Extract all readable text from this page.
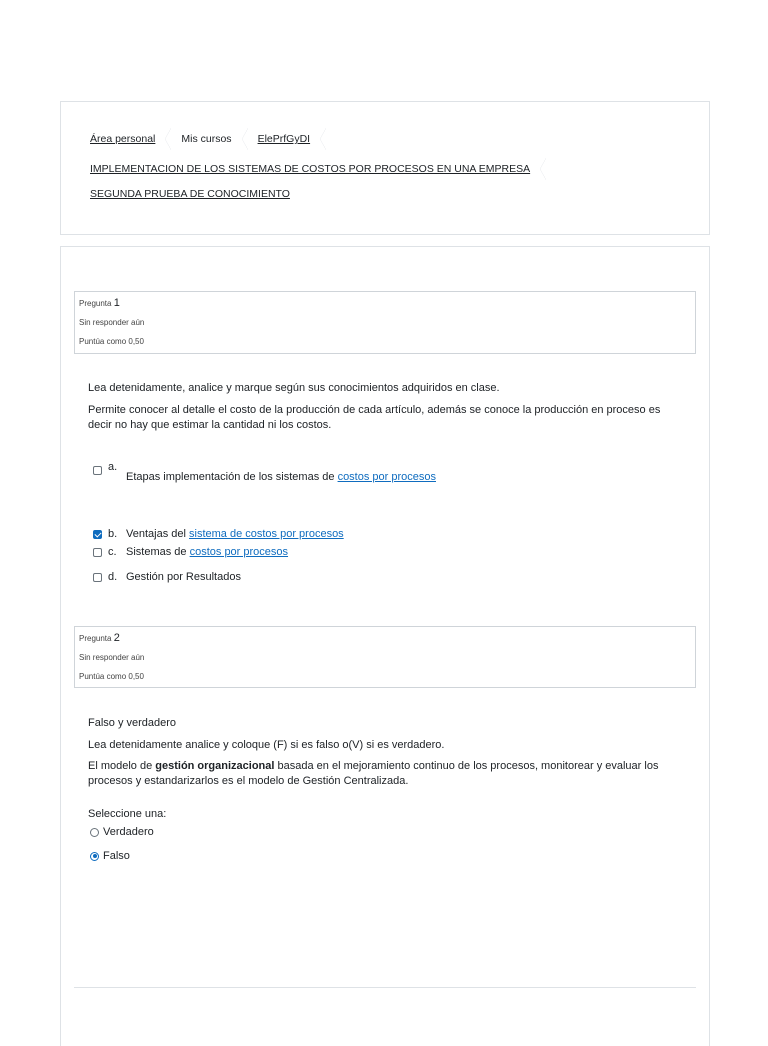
Área personal Mis cursos ElePrfGyDI
IMPLEMENTACION DE LOS SISTEMAS DE COSTOS POR PROCESOS EN UNA EMPRESA
SEGUNDA PRUEBA DE CONOCIMIENTO
Pregunta 1
Sin responder aún
Puntúa como 0,50
Lea detenidamente, analice y marque según sus conocimientos adquiridos en clase.
Permite conocer al detalle el costo de la producción de cada artículo, además se conoce la producción en proceso es decir no hay que estimar la cantidad ni los costos.
a.
Etapas implementación de los sistemas de costos por procesos
b. Ventajas del sistema de costos por procesos
c. Sistemas de costos por procesos
d. Gestión por Resultados
Pregunta 2
Sin responder aún
Puntúa como 0,50
Falso y verdadero
Lea detenidamente analice y coloque (F) si es falso o(V) si es verdadero.
El modelo de gestión organizacional basada en el mejoramiento continuo de los procesos, monitorear y evaluar los procesos y estandarizarlos es el modelo de Gestión Centralizada.
Seleccione una:
Verdadero
Falso
